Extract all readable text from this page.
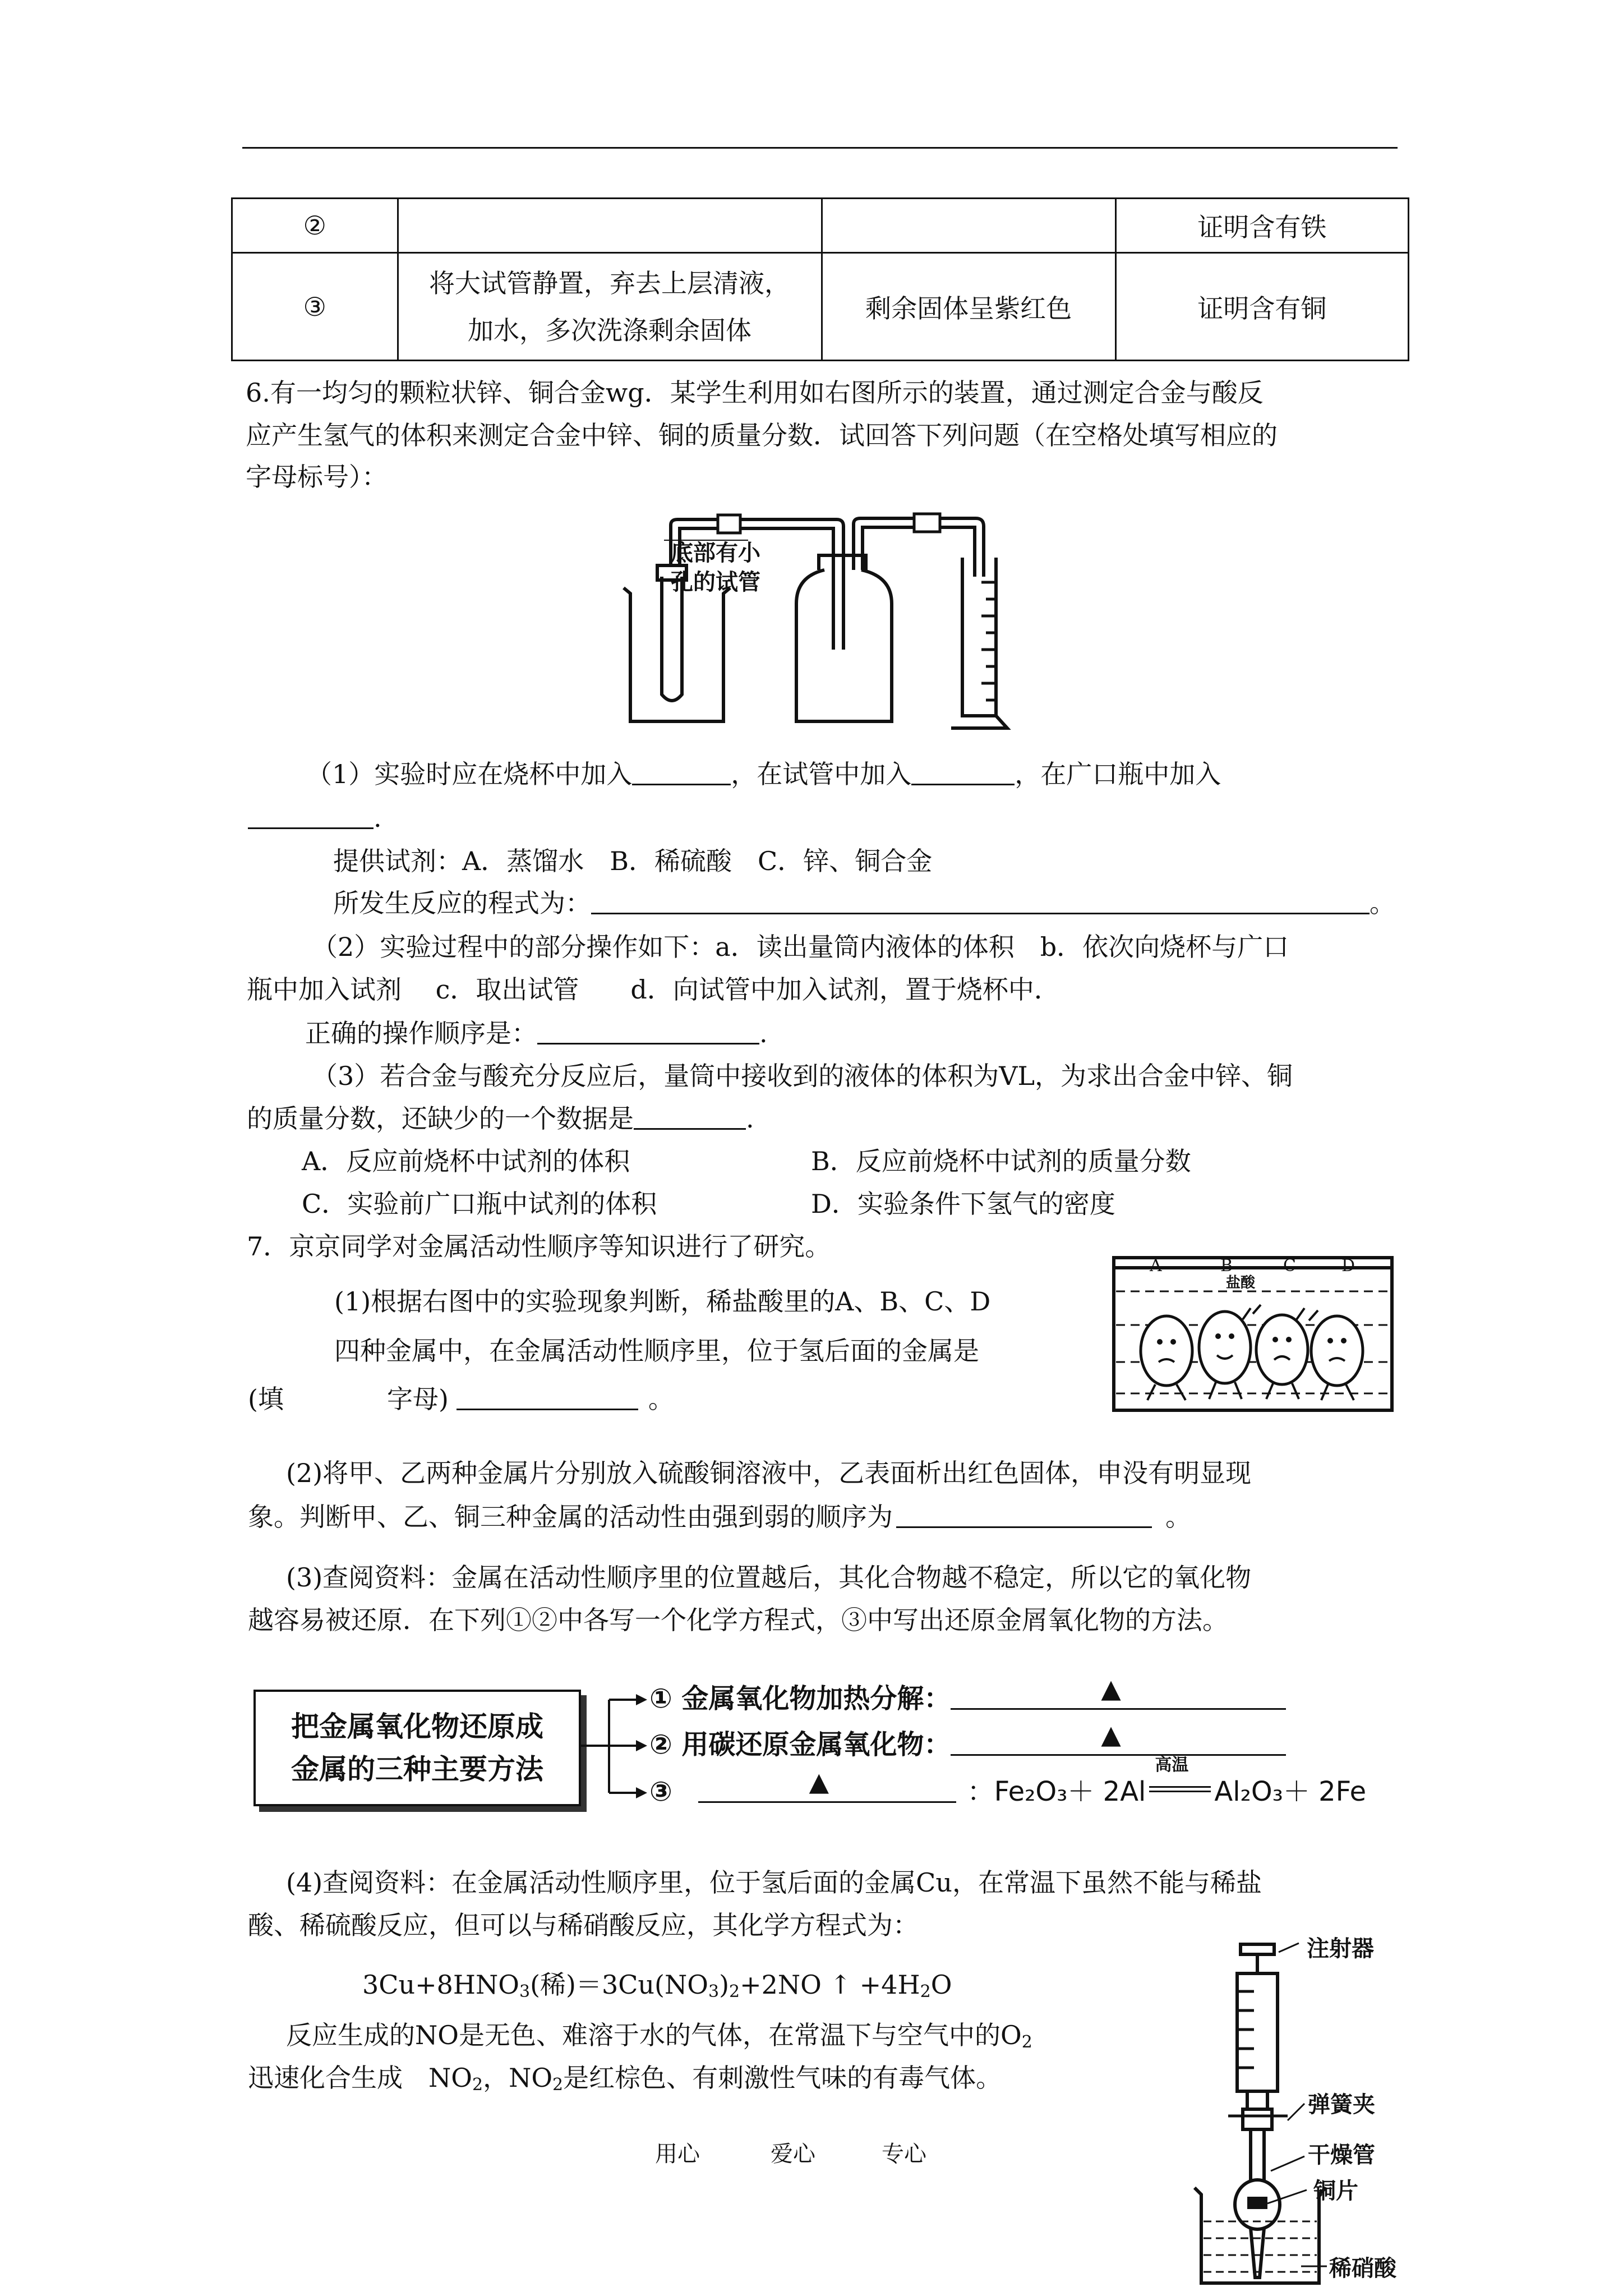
②			证明含有铁
③	将大试管静置，弃去上层清液，
加水，多次洗涤剩余固体	剩余固体呈紫红色	证明含有铜
6.有一均匀的颗粒状锌、铜合金wg．某学生利用如右图所示的装置，通过测定合金与酸反
应产生氢气的体积来测定合金中锌、铜的质量分数．试回答下列问题（在空格处填写相应的
字母标号）：
底部有小
孔的试管
（1）实验时应在烧杯中加入	，在试管中加入	，在广口瓶中加入
.
提供试剂：A．蒸馏水　B．稀硫酸　C．锌、铜合金
所发生反应的程式为：	。
（2）实验过程中的部分操作如下：a．读出量筒内液体的体积　b．依次向烧杯与广口
瓶中加入试剂　 c．取出试管　　d．向试管中加入试剂，置于烧杯中．
正确的操作顺序是：	.
（3）若合金与酸充分反应后，量筒中接收到的液体的体积为VL，为求出合金中锌、铜
的质量分数，还缺少的一个数据是	.
A．反应前烧杯中试剂的体积	B．反应前烧杯中试剂的质量分数
C．实验前广口瓶中试剂的体积	D．实验条件下氢气的密度
7．京京同学对金属活动性顺序等知识进行了研究。
(1)根据右图中的实验现象判断，稀盐酸里的A、B、C、D
四种金属中，在金属活动性顺序里，位于氢后面的金属是
(填	字母)	。
A	B
盐酸
C	D
(2)将甲、乙两种金属片分别放入硫酸铜溶液中，乙表面析出红色固体，申没有明显现
象。判断甲、乙、铜三种金属的活动性由强到弱的顺序为	。
(3)查阅资料：金属在活动性顺序里的位置越后，其化合物越不稳定，所以它的氧化物
越容易被还原．在下列①②中各写一个化学方程式，③中写出还原金屑氧化物的方法。
把金属氧化物还原成
金属的三种主要方法
① 金属氧化物加热分解：	▲
② 用碳还原金属氧化物：	▲
③	▲	：Fe₂O₃＋ 2Al
高温
Al₂O₃＋ 2Fe
(4)查阅资料：在金属活动性顺序里，位于氢后面的金属Cu，在常温下虽然不能与稀盐
酸、稀硫酸反应，但可以与稀硝酸反应，其化学方程式为：
$3Cu+8HNO_3$(稀)$=3Cu(NO_3)_2+2NO$ ↑ $+4H_2O$
反应生成的NO是无色、难溶于水的气体，在常温下与空气中的$O_2$
迅速化合生成　$NO_2$，$NO_2$是红棕色、有刺激性气味的有毒气体。
注射器
弹簧夹
干燥管
铜片
稀硝酸
用心	爱心	专心
